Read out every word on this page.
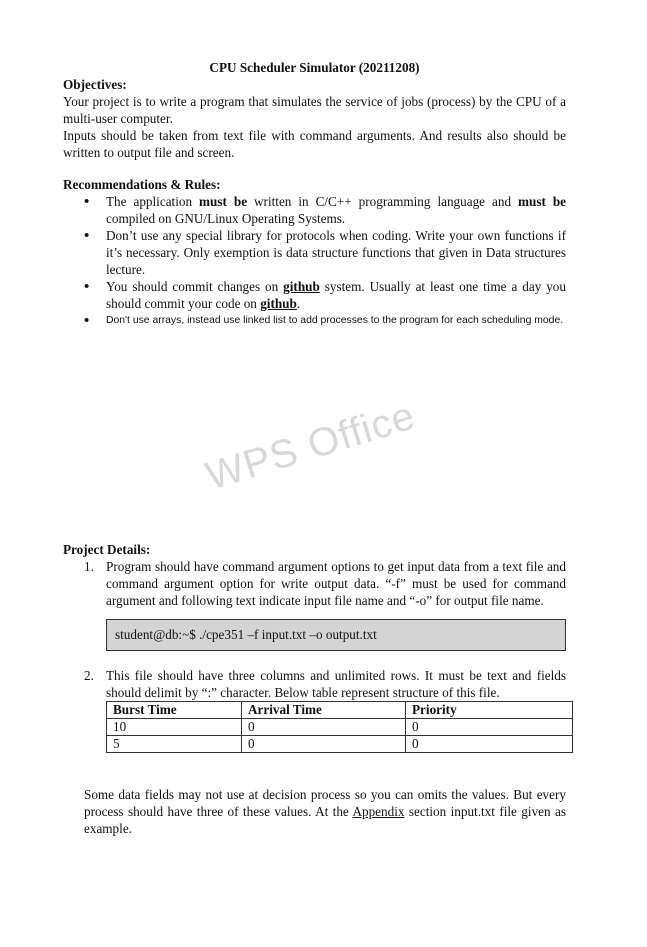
CPU Scheduler Simulator (20211208)
Objectives:
Your project is to write a program that simulates the service of jobs (process) by the CPU of a multi-user computer.
Inputs should be taken from text file with command arguments. And results also should be written to output file and screen.
Recommendations & Rules:
• The application must be written in C/C++ programming language and must be compiled on GNU/Linux Operating Systems.
• Don’t use any special library for protocols when coding. Write your own functions if it’s necessary. Only exemption is data structure functions that given in Data structures lecture.
• You should commit changes on github system. Usually at least one time a day you should commit your code on github.
• Don't use arrays, instead use linked list to add processes to the program for each scheduling mode.
WPS Office
Project Details:
1. Program should have command argument options to get input data from a text file and command argument option for write output data. “-f” must be used for command argument and following text indicate input file name and “-o” for output file name.
student@db:~$ ./cpe351 –f input.txt –o output.txt
2. This file should have three columns and unlimited rows. It must be text and fields should delimit by “:” character. Below table represent structure of this file.
Burst Time	Arrival Time	Priority
10	0	0
5	0	0
Some data fields may not use at decision process so you can omits the values. But every process should have three of these values. At the Appendix section input.txt file given as example.
